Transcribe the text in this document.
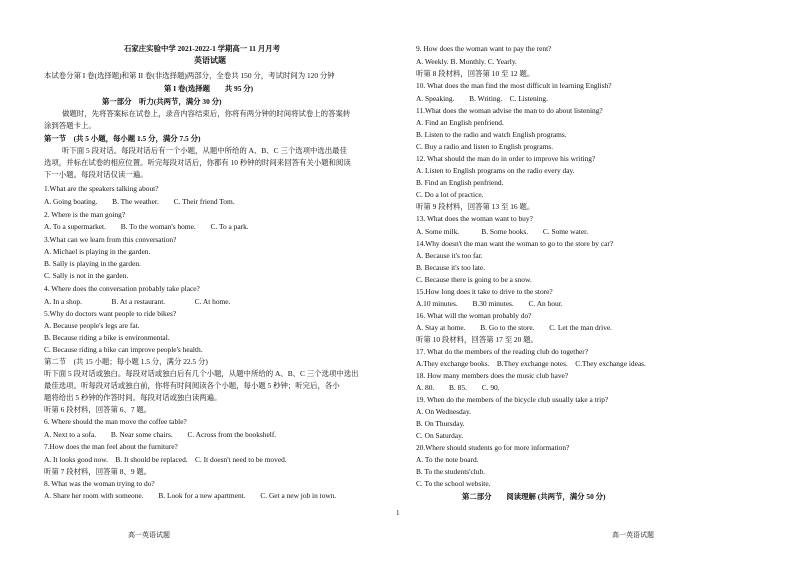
石家庄实验中学 2021-2022-1 学期高一 11 月月考
英语试题
本试卷分第 I 卷(选择题)和第 II 卷(非选择题)两部分，全卷共 150 分，考试时间为 120 分钟
第 I 卷(选择题　　共 95 分)
第一部分　听力(共两节，满分 30 分)
做题时，先将答案标在试卷上，录音内容结束后，你将有两分钟的时间将试卷上的答案转
涂到答题卡上。
第一节　(共 5 小题，每小题 1.5 分，满分 7.5 分)
听下面 5 段对话。每段对话后有一个小题，从题中所给的 A、B、C 三个选项中选出最佳
选项，并标在试卷的相应位置。听完每段对话后，你都有 10 秒钟的时间来回答有关小题和阅读
下一小题。每段对话仅读一遍。
1.What are the speakers talking about?
A. Going boating.　　B. The weather.　　C. Their friend Tom.
2. Where is the man going?
A. To a supermarket.　　B. To the woman's home.　　C. To a park.
3.What can we learn from this conversation?
A. Michael is playing in the garden.
B. Sally is playing in the garden.
C. Sally is not in the garden.
4. Where does the conversation probably take place?
A. In a shop.　　　　B. At a restaurant.　　　　C. At home.
5.Why do doctors want people to ride bikes?
A. Because people's legs are fat.
B. Because riding a bike is environmental.
C. Because riding a bike can improve people's health.
第二节　(共 15 小题；每小题 1.5 分，满分 22.5 分)
听下面 5 段对话或独白。每段对话或独白后有几个小题，从题中所给的 A、B、C 三个选项中选出
最佳选项。听每段对话或独白前，你将有时间阅读各个小题，每小题 5 秒钟；听完后，各小
题将给出 5 秒钟的作答时间。每段对话或独白读两遍。
听第 6 段材料，回答第 6、7 题。
6. Where should the man move the coffee table?
A. Next to a sofa.　　B. Near some chairs.　　C. Across from the bookshelf.
7.How does the man feel about the furniture?
A. It looks good now.　B. It should be replaced.　C. It doesn't need to be moved.
听第 7 段材料，回答第 8、9 题。
8. What was the woman trying to do?
A. Share her room with someone.　　B. Look for a new apartment.　　C. Get a new job in town.
高一英语试题
9. How does the woman want to pay the rent?
A. Weekly. B. Monthly. C. Yearly.
听第 8 段材料，回答第 10 至 12 题。
10. What does the man find the most difficult in learning English?
A. Speaking.　　B. Writing.　C. Listening.
11.What does the woman advise the man to do about listening?
A. Find an English penfriend.
B. Listen to the radio and watch English programs.
C. Buy a radio and listen to English programs.
12. What should the man do in order to improve his writing?
A. Listen to English programs on the radio every day.
B. Find an English penfriend.
C. Do a lot of practice.
听第 9 段材料，回答第 13 至 16 题。
13. What does the woman want to buy?
A. Some milk.　　　B. Some books.　　C. Some water.
14.Why doesn't the man want the woman to go to the store by car?
A. Because it's too far.
B. Because it's too late.
C. Because there is going to be a snow.
15.How long does it take to drive to the store?
A.10 minutes.　　B.30 minutes.　　C. An hour.
16. What will the woman probably do?
A. Stay at home.　　B. Go to the store.　　C. Let the man drive.
听第 10 段材料，回答第 17 至 20 题。
17. What do the members of the reading club do together?
A.They exchange books.　B.They exchange notes.　C.They exchange ideas.
18. How many members does the music club have?
A. 80.　　B. 85.　　C. 90.
19. When do the members of the bicycle club usually take a trip?
A. On Wednesday.
B. On Thursday.
C. On Saturday.
20.Where should students go for more information?
A. To the note board.
B. To the students'club.
C. To the school website.
第二部分　　阅读理解 (共两节，满分 50 分)
1
高一英语试题
